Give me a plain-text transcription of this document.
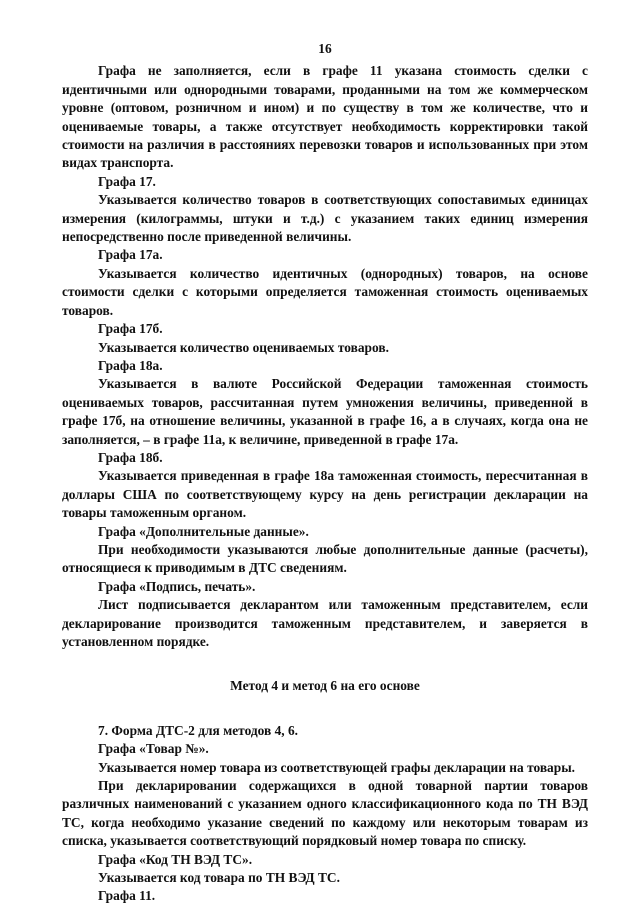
16

Графа не заполняется, если в графе 11 указана стоимость сделки с идентичными или однородными товарами, проданными на том же коммерческом уровне (оптовом, розничном и ином) и по существу в том же количестве, что и оцениваемые товары, а также отсутствует необходимость корректировки такой стоимости на различия в расстояниях перевозки товаров и использованных при этом видах транспорта.

Графа 17.

Указывается количество товаров в соответствующих сопоставимых единицах измерения (килограммы, штуки и т.д.) с указанием таких единиц измерения непосредственно после приведенной величины.

Графа 17а.

Указывается количество идентичных (однородных) товаров, на основе стоимости сделки с которыми определяется таможенная стоимость оцениваемых товаров.

Графа 17б.

Указывается количество оцениваемых товаров.

Графа 18а.

Указывается в валюте Российской Федерации таможенная стоимость оцениваемых товаров, рассчитанная путем умножения величины, приведенной в графе 17б, на отношение величины, указанной в графе 16, а в случаях, когда она не заполняется, – в графе 11а, к величине, приведенной в графе 17а.

Графа 18б.

Указывается приведенная в графе 18а таможенная стоимость, пересчитанная в доллары США по соответствующему курсу на день регистрации декларации на товары таможенным органом.

Графа «Дополнительные данные».

При необходимости указываются любые дополнительные данные (расчеты), относящиеся к приводимым в ДТС сведениям.

Графа «Подпись, печать».

Лист подписывается декларантом или таможенным представителем, если декларирование производится таможенным представителем, и заверяется в установленном порядке.

Метод 4 и метод 6 на его основе

7. Форма ДТС-2 для методов 4, 6.

Графа «Товар №».

Указывается номер товара из соответствующей графы декларации на товары.

При декларировании содержащихся в одной товарной партии товаров различных наименований с указанием одного классификационного кода по ТН ВЭД ТС, когда необходимо указание сведений по каждому или некоторым товарам из списка, указывается соответствующий порядковый номер товара по списку.

Графа «Код ТН ВЭД ТС».

Указывается код товара по ТН ВЭД ТС.

Графа 11.
